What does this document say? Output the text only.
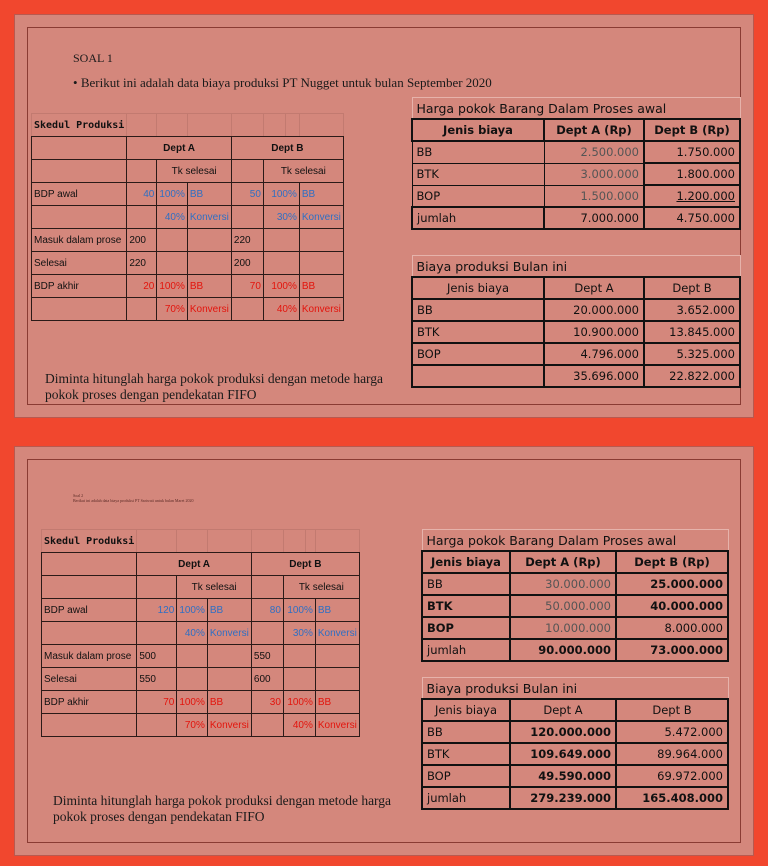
SOAL 1
• Berikut ini adalah data biaya produksi PT Nugget untuk bulan September 2020
Skedul Produksi							
	Dept A			Dept B			
		Tk selesai			Tk selesai		
BDP awal	40	100%	BB	50	100%		BB
		40%	Konversi		30%		Konversi
Masuk dalam prose	200			220			
Selesai	220			200			
BDP akhir	20	100%	BB	70	100%		BB
		70%	Konversi		40%		Konversi
Harga pokok Barang Dalam Proses awal		
Jenis biaya	Dept A (Rp)	Dept B (Rp)
BB	2.500.000	1.750.000
BTK	3.000.000	1.800.000
BOP	1.500.000	1.200.000
jumlah	7.000.000	4.750.000
Biaya produksi Bulan ini		
Jenis biaya	Dept A	Dept B
BB	20.000.000	3.652.000
BTK	10.900.000	13.845.000
BOP	4.796.000	5.325.000
	35.696.000	22.822.000
Diminta hitunglah harga pokok produksi dengan metode harga
pokok proses dengan pendekatan FIFO
Soal 2
Berikut ini adalah data biaya produksi PT Sariwati untuk bulan Maret 2020
Skedul Produksi							
	Dept A			Dept B			
		Tk selesai			Tk selesai		
BDP awal	120	100%	BB	80	100%		BB
		40%	Konversi		30%		Konversi
Masuk dalam prose	500			550			
Selesai	550			600			
BDP akhir	70	100%	BB	30	100%		BB
		70%	Konversi		40%		Konversi
Harga pokok Barang Dalam Proses awal		
Jenis biaya	Dept A (Rp)	Dept B (Rp)
BB	30.000.000	25.000.000
BTK	50.000.000	40.000.000
BOP	10.000.000	8.000.000
jumlah	90.000.000	73.000.000
Biaya produksi Bulan ini		
Jenis biaya	Dept A	Dept B
BB	120.000.000	5.472.000
BTK	109.649.000	89.964.000
BOP	49.590.000	69.972.000
jumlah	279.239.000	165.408.000
Diminta hitunglah harga pokok produksi dengan metode harga
pokok proses dengan pendekatan FIFO
